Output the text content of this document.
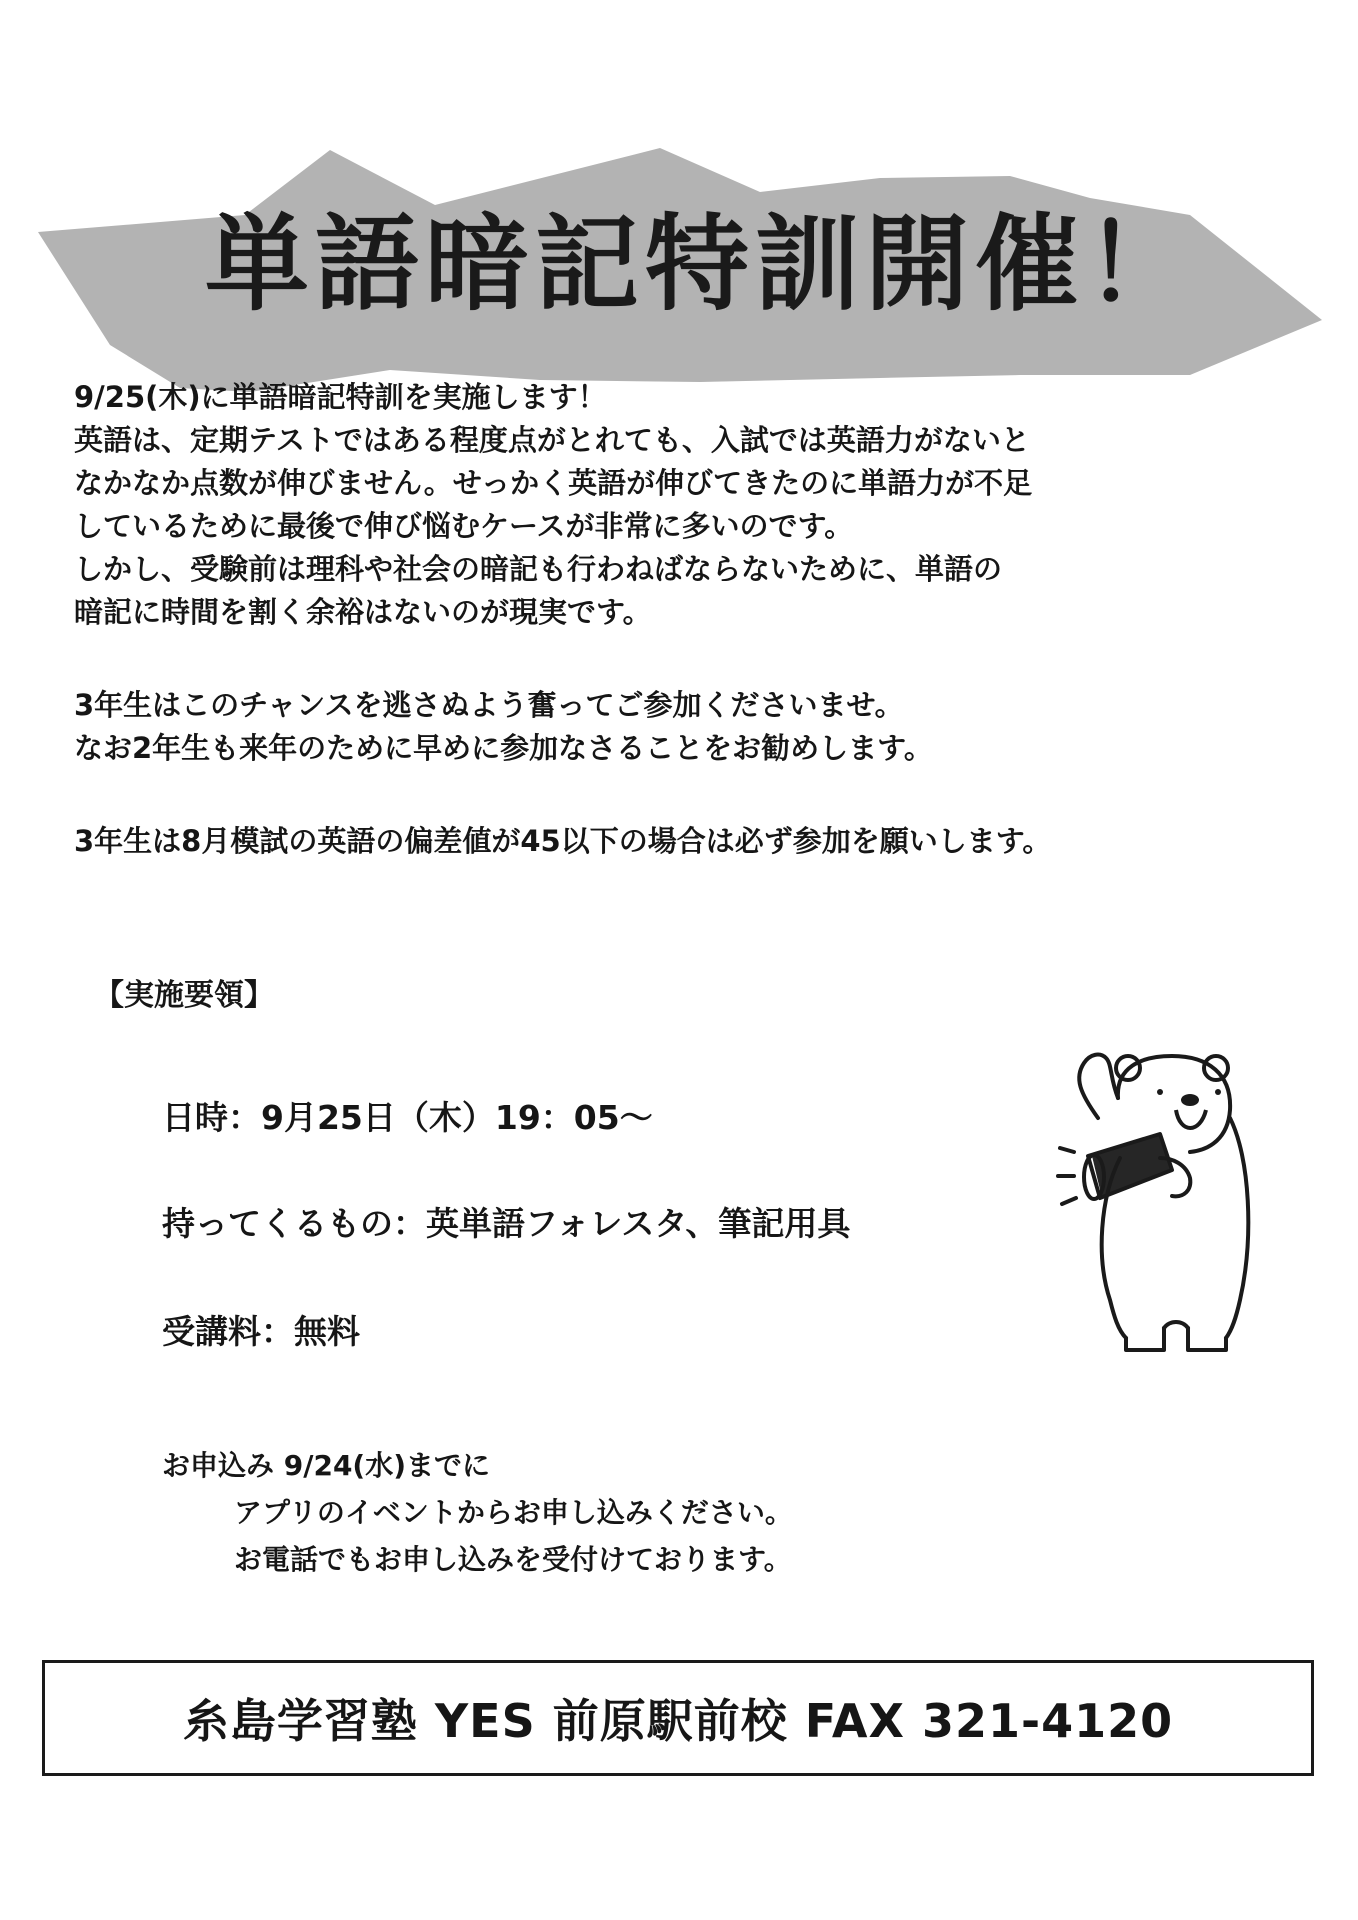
単語暗記特訓開催！

9/25(木)に単語暗記特訓を実施します！

英語は、定期テストではある程度点がとれても、入試では英語力がないと

なかなか点数が伸びません。せっかく英語が伸びてきたのに単語力が不足

しているために最後で伸び悩むケースが非常に多いのです。

しかし、受験前は理科や社会の暗記も行わねばならないために、単語の

暗記に時間を割く余裕はないのが現実です。

3年生はこのチャンスを逃さぬよう奮ってご参加くださいませ。

なお2年生も来年のために早めに参加なさることをお勧めします。

3年生は8月模試の英語の偏差値が45以下の場合は必ず参加を願いします。

【実施要領】
日時：9月25日（木）19：05～
持ってくるもの：英単語フォレスタ、筆記用具
受講料：無料

お申込み 9/24(水)までに

アプリのイベントからお申し込みください。

お電話でもお申し込みを受付けております。

糸島学習塾 YES 前原駅前校 FAX 321-4120
